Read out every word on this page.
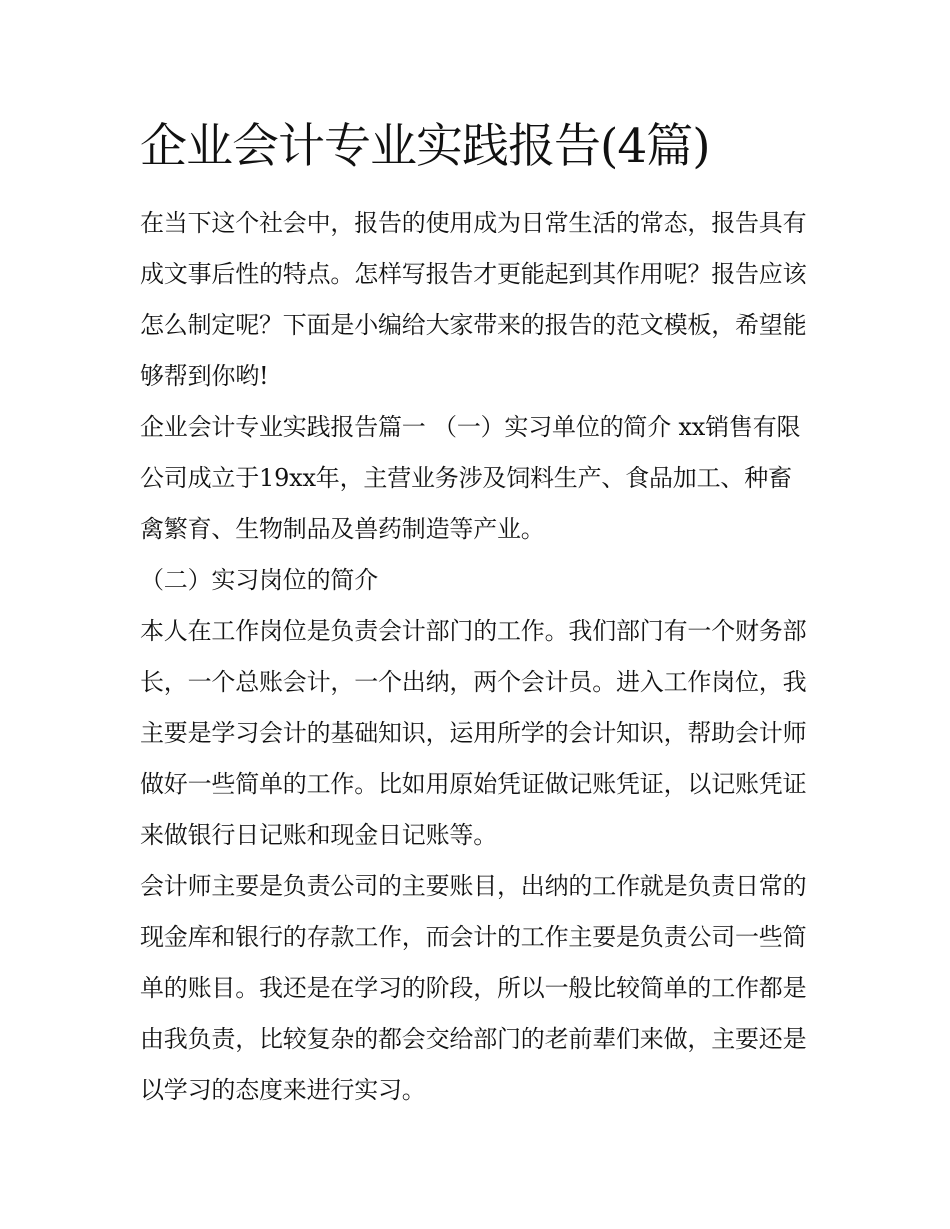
企业会计专业实践报告(4篇)

在当下这个社会中，报告的使用成为日常生活的常态，报告具有成文事后性的特点。怎样写报告才更能起到其作用呢？报告应该怎么制定呢？下面是小编给大家带来的报告的范文模板，希望能够帮到你哟!

企业会计专业实践报告篇一 （一）实习单位的简介 xx销售有限公司成立于19xx年，主营业务涉及饲料生产、食品加工、种畜禽繁育、生物制品及兽药制造等产业。

（二）实习岗位的简介

本人在工作岗位是负责会计部门的工作。我们部门有一个财务部长，一个总账会计，一个出纳，两个会计员。进入工作岗位，我主要是学习会计的基础知识，运用所学的会计知识，帮助会计师做好一些简单的工作。比如用原始凭证做记账凭证，以记账凭证来做银行日记账和现金日记账等。

会计师主要是负责公司的主要账目，出纳的工作就是负责日常的现金库和银行的存款工作，而会计的工作主要是负责公司一些简单的账目。我还是在学习的阶段，所以一般比较简单的工作都是由我负责，比较复杂的都会交给部门的老前辈们来做，主要还是以学习的态度来进行实习。
